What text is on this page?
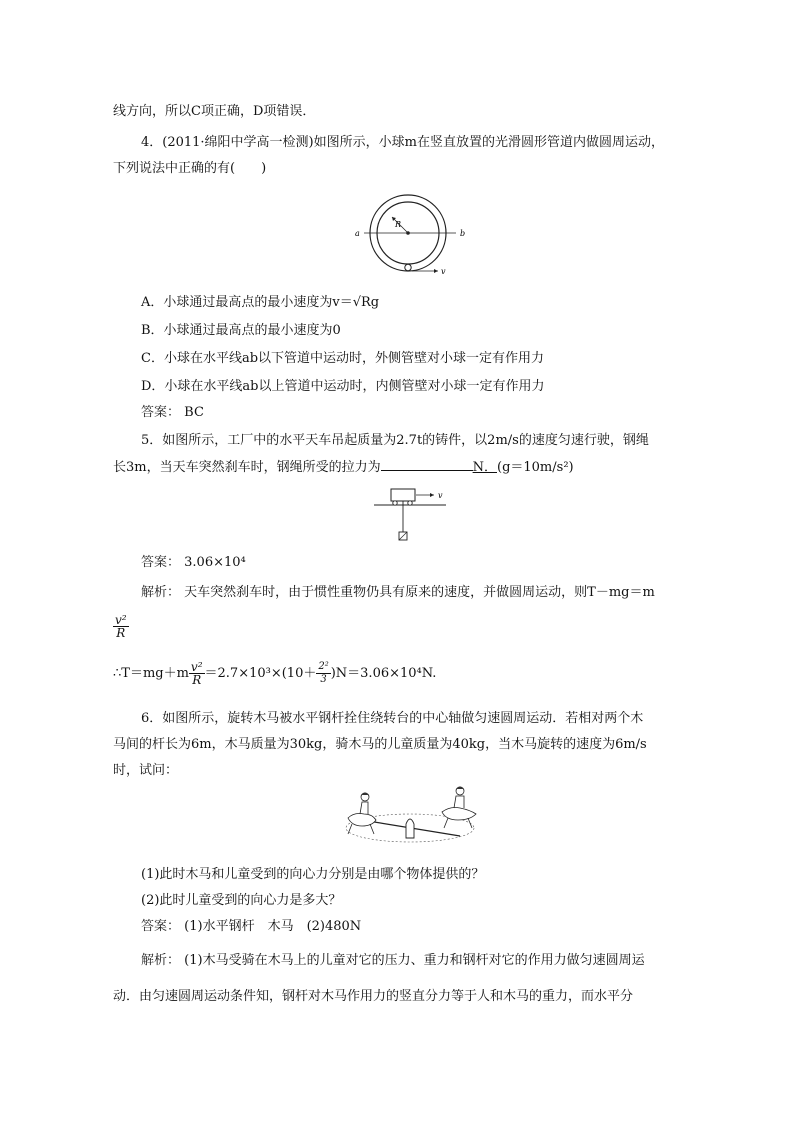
线方向，所以C项正确，D项错误．
4．(2011·绵阳中学高一检测)如图所示，小球m在竖直放置的光滑圆形管道内做圆周运动，
下列说法中正确的有(　　)
a	b
R
v
A．小球通过最高点的最小速度为v＝√Rg
B．小球通过最高点的最小速度为0
C．小球在水平线ab以下管道中运动时，外侧管壁对小球一定有作用力
D．小球在水平线ab以上管道中运动时，内侧管壁对小球一定有作用力
答案： BC
5．如图所示，工厂中的水平天车吊起质量为2.7t的铸件，以2m/s的速度匀速行驶，钢绳
长3m，当天车突然刹车时，钢绳所受的拉力为	N．(g＝10m/s²)
v
答案： 3.06×10⁴
解析： 天车突然刹车时，由于惯性重物仍具有原来的速度，并做圆周运动，则T－mg＝m
$\frac{\text{v²}}{R}$
∴T＝mg＋m $\frac{\text{v²}}{R} =2.7\times 10^3\times(10+ \frac{\text{2²}}{3} )N=3.06\times 10^4N$.
6．如图所示，旋转木马被水平钢杆拴住绕转台的中心轴做匀速圆周运动．若相对两个木
马间的杆长为6m，木马质量为30kg，骑木马的儿童质量为40kg，当木马旋转的速度为6m/s
时，试问：
(1)此时木马和儿童受到的向心力分别是由哪个物体提供的？
(2)此时儿童受到的向心力是多大？
答案： (1)水平钢杆　木马　(2)480N
解析： (1)木马受骑在木马上的儿童对它的压力、重力和钢杆对它的作用力做匀速圆周运
动．由匀速圆周运动条件知，钢杆对木马作用力的竖直分力等于人和木马的重力，而水平分
